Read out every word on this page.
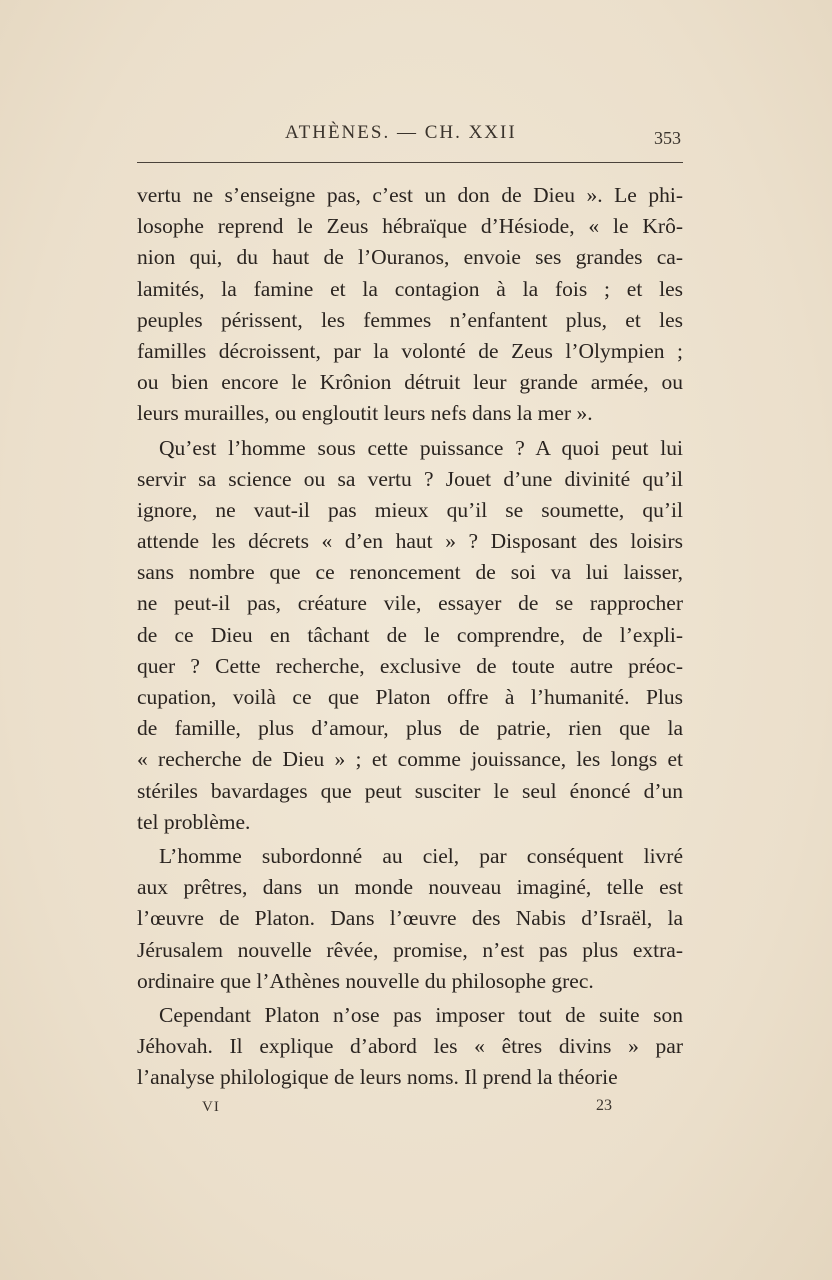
ATHÈNES. — CH. XXII	353
vertu ne s’enseigne pas, c’est un don de Dieu ». Le phi-
losophe reprend le Zeus hébraïque d’Hésiode, « le Krô-
nion qui, du haut de l’Ouranos, envoie ses grandes ca-
lamités, la famine et la contagion à la fois ; et les
peuples périssent, les femmes n’enfantent plus, et les
familles décroissent, par la volonté de Zeus l’Olympien ;
ou bien encore le Krônion détruit leur grande armée, ou
leurs murailles, ou engloutit leurs nefs dans la mer ».
Qu’est l’homme sous cette puissance ? A quoi peut lui
servir sa science ou sa vertu ? Jouet d’une divinité qu’il
ignore, ne vaut-il pas mieux qu’il se soumette, qu’il
attende les décrets « d’en haut » ? Disposant des loisirs
sans nombre que ce renoncement de soi va lui laisser,
ne peut-il pas, créature vile, essayer de se rapprocher
de ce Dieu en tâchant de le comprendre, de l’expli-
quer ? Cette recherche, exclusive de toute autre préoc-
cupation, voilà ce que Platon offre à l’humanité. Plus
de famille, plus d’amour, plus de patrie, rien que la
« recherche de Dieu » ; et comme jouissance, les longs et
stériles bavardages que peut susciter le seul énoncé d’un
tel problème.
L’homme subordonné au ciel, par conséquent livré
aux prêtres, dans un monde nouveau imaginé, telle est
l’œuvre de Platon. Dans l’œuvre des Nabis d’Israël, la
Jérusalem nouvelle rêvée, promise, n’est pas plus extra-
ordinaire que l’Athènes nouvelle du philosophe grec.
Cependant Platon n’ose pas imposer tout de suite son
Jéhovah. Il explique d’abord les « êtres divins » par
l’analyse philologique de leurs noms. Il prend la théorie
VI	23
